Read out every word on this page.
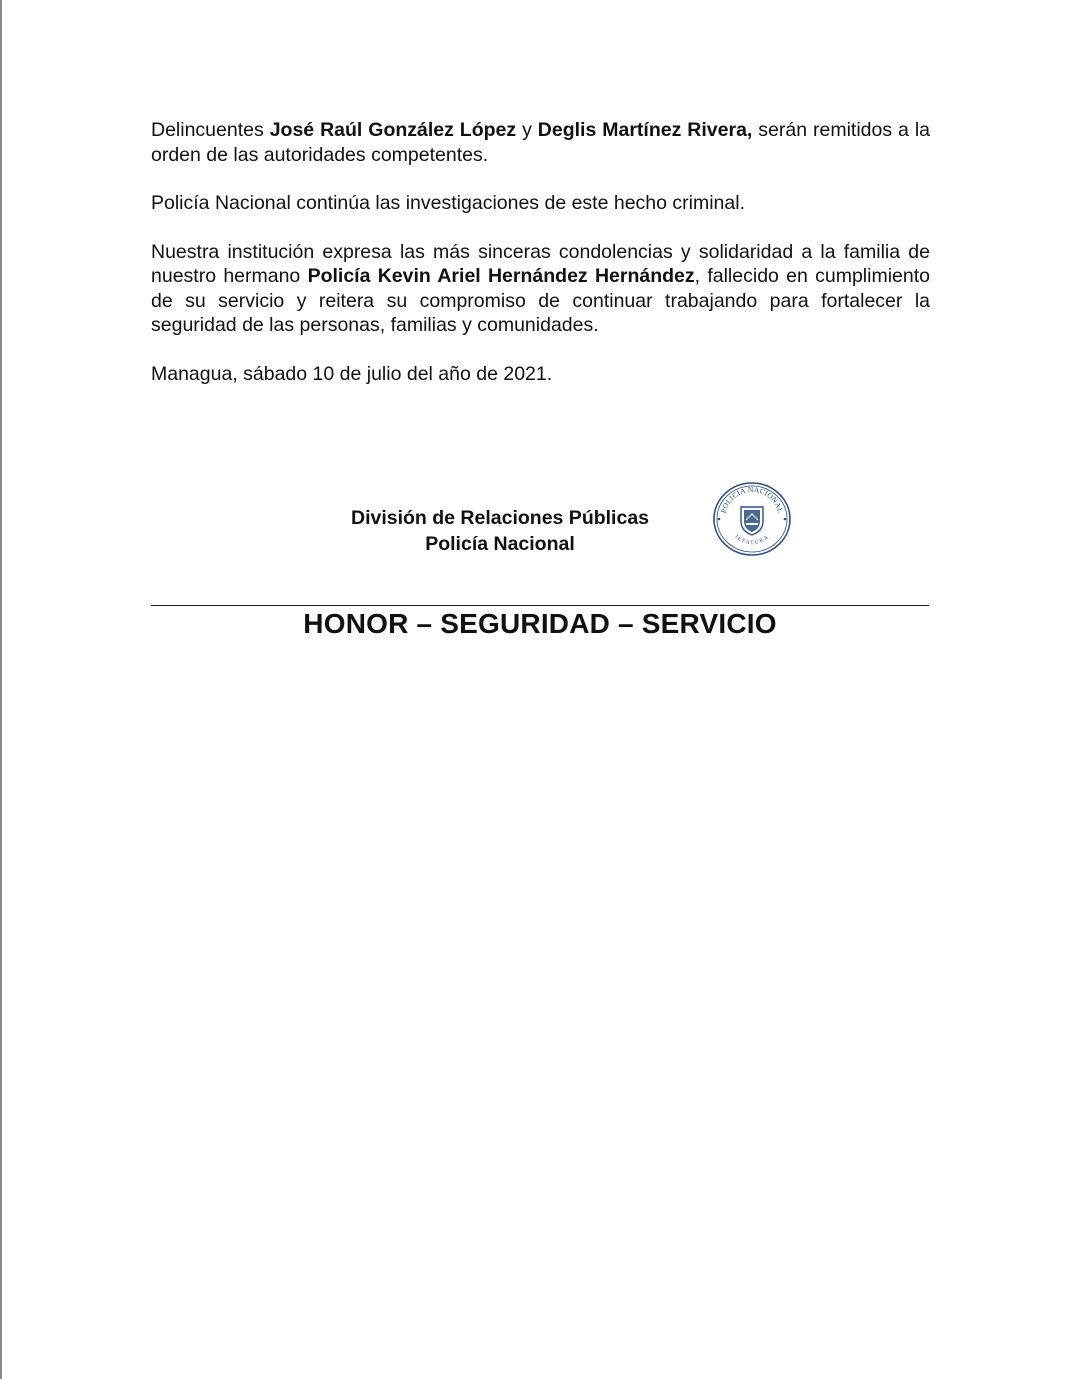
Delincuentes José Raúl González López y Deglis Martínez Rivera, serán remitidos a la orden de las autoridades competentes.

Policía Nacional continúa las investigaciones de este hecho criminal.

Nuestra institución expresa las más sinceras condolencias y solidaridad a la familia de nuestro hermano Policía Kevin Ariel Hernández Hernández, fallecido en cumplimiento de su servicio y reitera su compromiso de continuar trabajando para fortalecer la seguridad de las personas, familias y comunidades.

Managua, sábado 10 de julio del año de 2021.

División de Relaciones Públicas
Policía Nacional
POLICÍA NACIONAL
JEFATURA
HONOR – SEGURIDAD – SERVICIO
